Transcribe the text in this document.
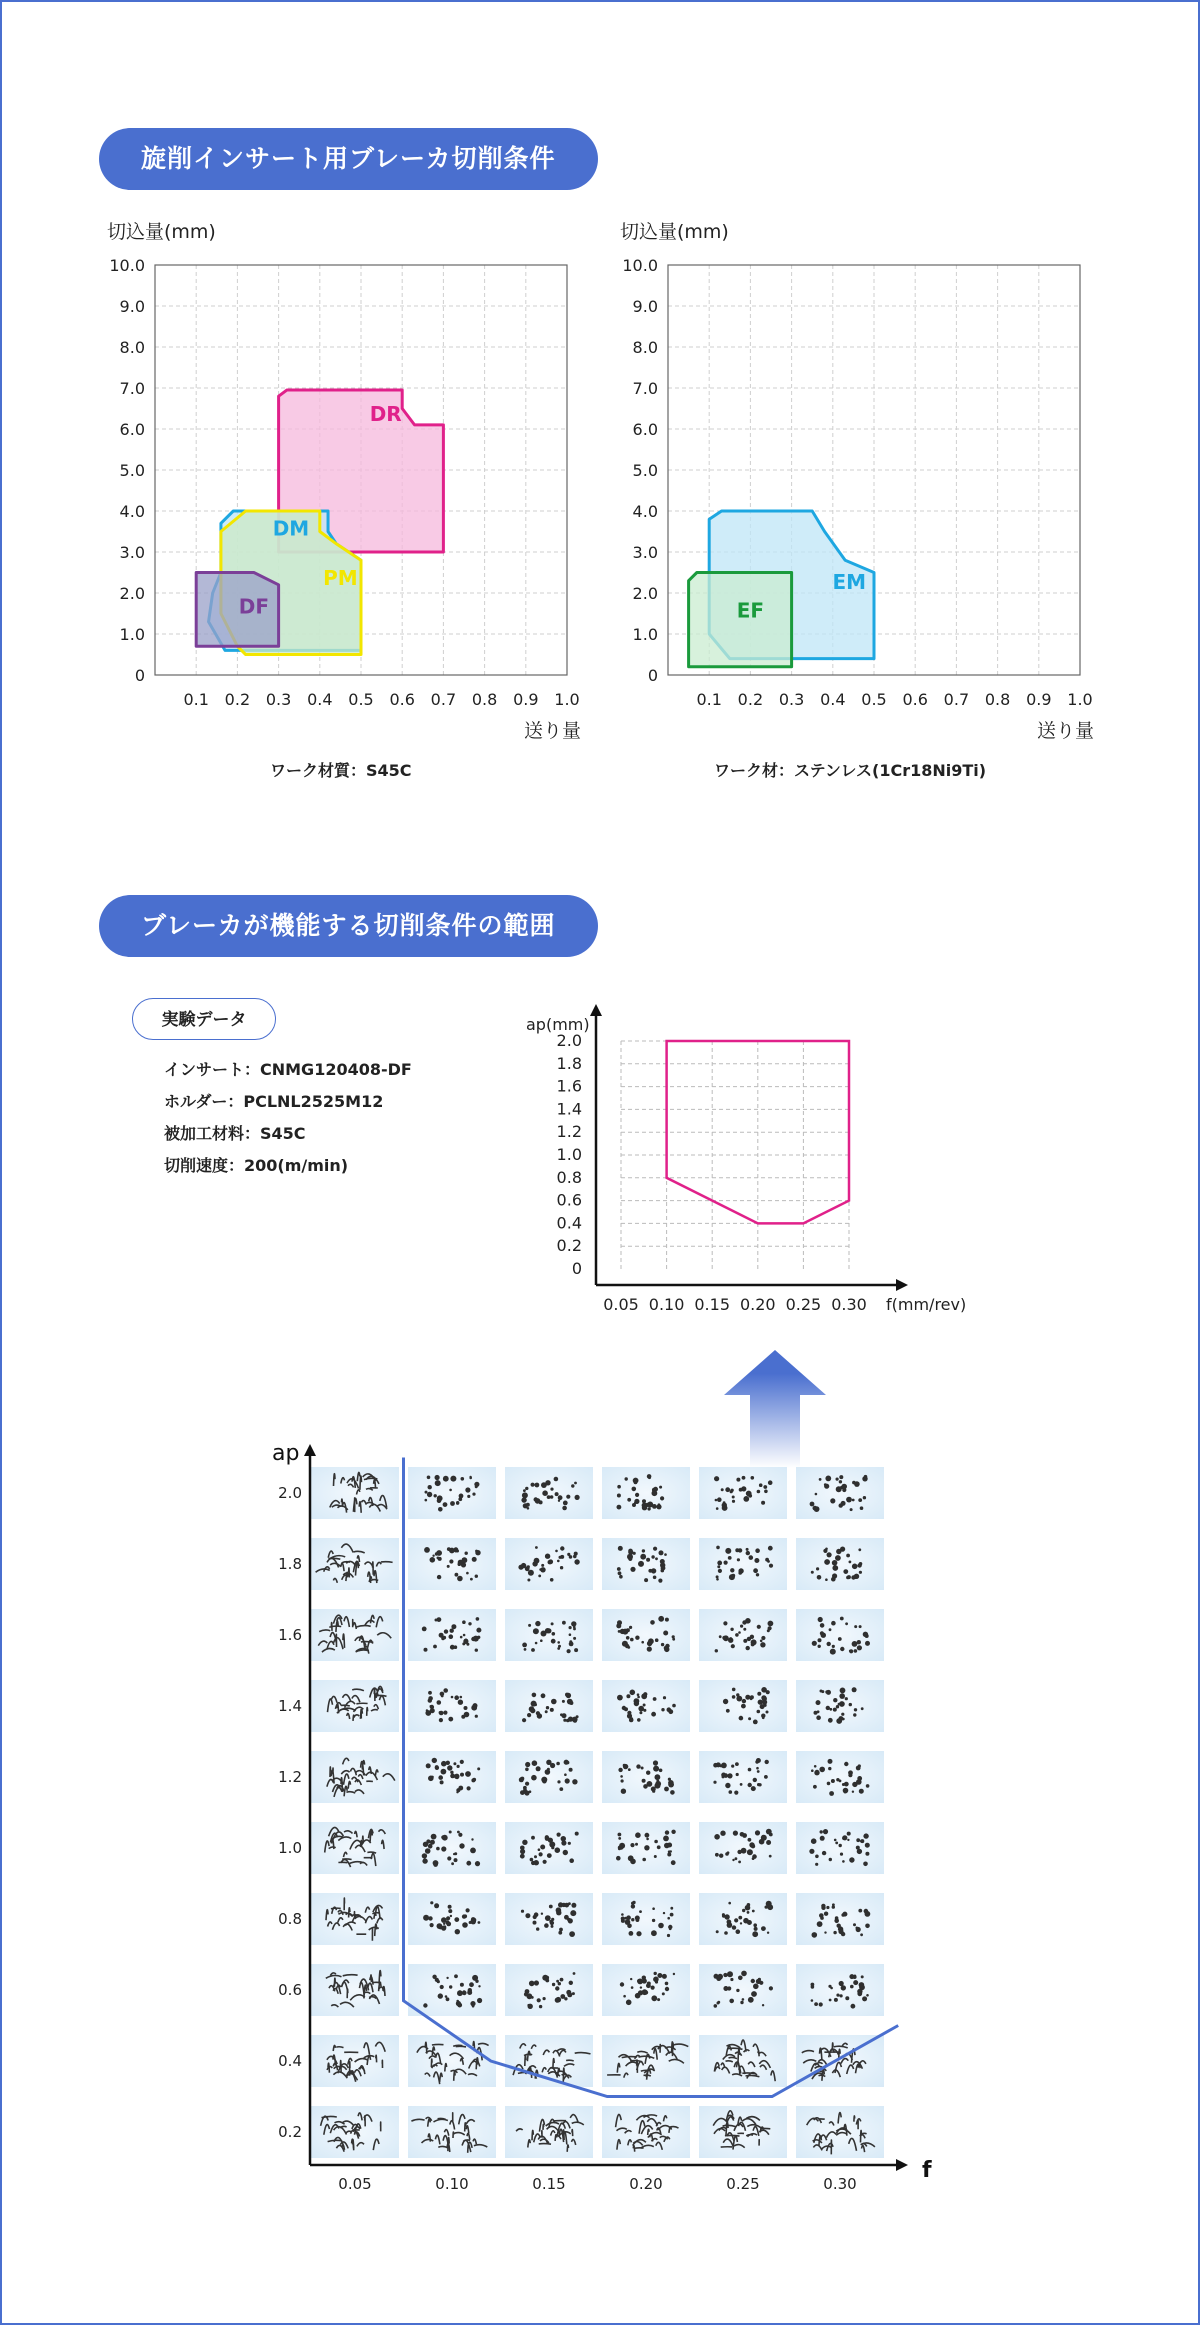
旋削インサート用ブレーカ切削条件
0
1.0
2.0
3.0
4.0
5.0
6.0
7.0
8.0
9.0
10.0
0.1 0.2 0.3 0.4 0.5 0.6 0.7 0.8 0.9 1.0
切込量(mm)
送り量
DR
DM
PM
DF
ワーク材質：S45C
0
1.0
2.0
3.0
4.0
5.0
6.0
7.0
8.0
9.0
10.0
0.1 0.2 0.3 0.4 0.5 0.6 0.7 0.8 0.9 1.0
切込量(mm)
送り量
EM
EF
ワーク材：ステンレス(1Cr18Ni9Ti)
ブレーカが機能する切削条件の範囲
実験データ
インサート：CNMG120408-DF
ホルダー：PCLNL2525M12
被加工材料：S45C
切削速度：200(m/min)
0.05 0.10 0.15 0.20 0.25 0.30
0
0.2
0.4
0.6
0.8
1.0
1.2
1.4
1.6
1.8
2.0
ap(mm)
f(mm/rev)
ap
f
0.05	0.10	0.15	0.20	0.25	0.30
0.2
0.4
0.6
0.8
1.0
1.2
1.4
1.6
1.8
2.0
